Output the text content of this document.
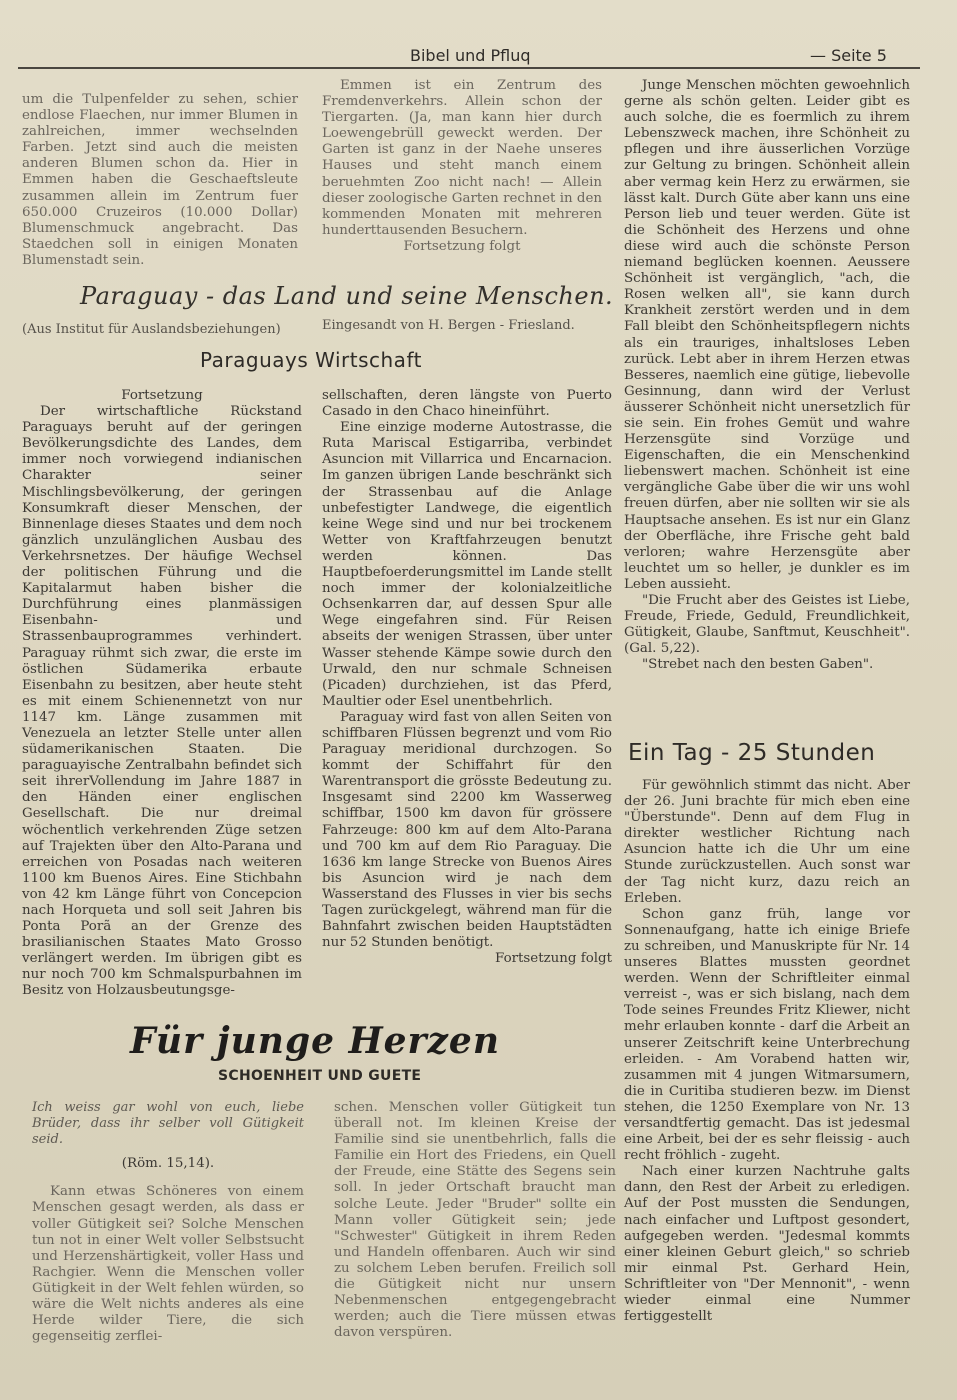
Bibel und Pfluq	— Seite 5

um die Tulpenfelder zu sehen, schier endlose Flaechen, nur immer Blumen in zahlreichen, immer wechselnden Farben. Jetzt sind auch die meisten anderen Blumen schon da. Hier in Emmen haben die Geschaeftsleute zusammen allein im Zentrum fuer 650.000 Cruzeiros (10.000 Dollar) Blumenschmuck angebracht. Das Staedchen soll in einigen Monaten Blumenstadt sein.

Emmen ist ein Zentrum des Fremdenverkehrs. Allein schon der Tiergarten. (Ja, man kann hier durch Loewengebrüll geweckt werden. Der Garten ist ganz in der Naehe unseres Hauses und steht manch einem beruehmten Zoo nicht nach! — Allein dieser zoologische Garten rechnet in den kommenden Monaten mit mehreren hunderttausenden Besuchern.

Fortsetzung folgt

Paraguay - das Land und seine Menschen.
(Aus Institut für Auslandsbeziehungen)	Eingesandt von H. Bergen - Friesland.
Paraguays Wirtschaft

Fortsetzung

Der wirtschaftliche Rückstand Paraguays beruht auf der geringen Bevölkerungsdichte des Landes, dem immer noch vorwiegend indianischen Charakter seiner Mischlingsbevölkerung, der geringen Konsumkraft dieser Menschen, der Binnenlage dieses Staates und dem noch gänzlich unzulänglichen Ausbau des Verkehrsnetzes. Der häufige Wechsel der politischen Führung und die Kapitalarmut haben bisher die Durchführung eines planmässigen Eisenbahn- und Strassenbauprogrammes verhindert. Paraguay rühmt sich zwar, die erste im östlichen Südamerika erbaute Eisenbahn zu besitzen, aber heute steht es mit einem Schienennetzt von nur 1147 km. Länge zusammen mit Venezuela an letzter Stelle unter allen südamerikanischen Staaten. Die paraguayische Zentralbahn befindet sich seit ihrerVollendung im Jahre 1887 in den Händen einer englischen Gesellschaft. Die nur dreimal wöchentlich verkehrenden Züge setzen auf Trajekten über den Alto-Parana und erreichen von Posadas nach weiteren 1100 km Buenos Aires. Eine Stichbahn von 42 km Länge führt von Concepcion nach Horqueta und soll seit Jahren bis Ponta Porã an der Grenze des brasilianischen Staates Mato Grosso verlängert werden. Im übrigen gibt es nur noch 700 km Schmalspurbahnen im Besitz von Holzausbeutungsge-

sellschaften, deren längste von Puerto Casado in den Chaco hineinführt.

Eine einzige moderne Autostrasse, die Ruta Mariscal Estigarriba, verbindet Asuncion mit Villarrica und Encarnacion. Im ganzen übrigen Lande beschränkt sich der Strassenbau auf die Anlage unbefestigter Landwege, die eigentlich keine Wege sind und nur bei trockenem Wetter von Kraftfahrzeugen benutzt werden können. Das Hauptbefoerderungsmittel im Lande stellt noch immer der kolonialzeitliche Ochsenkarren dar, auf dessen Spur alle Wege eingefahren sind. Für Reisen abseits der wenigen Strassen, über unter Wasser stehende Kämpe sowie durch den Urwald, den nur schmale Schneisen (Picaden) durchziehen, ist das Pferd, Maultier oder Esel unentbehrlich.

Paraguay wird fast von allen Seiten von schiffbaren Flüssen begrenzt und vom Rio Paraguay meridional durchzogen. So kommt der Schiffahrt für den Warentransport die grösste Bedeutung zu. Insgesamt sind 2200 km Wasserweg schiffbar, 1500 km davon für grössere Fahrzeuge: 800 km auf dem Alto-Parana und 700 km auf dem Rio Paraguay. Die 1636 km lange Strecke von Buenos Aires bis Asuncion wird je nach dem Wasserstand des Flusses in vier bis sechs Tagen zurückgelegt, während man für die Bahnfahrt zwischen beiden Hauptstädten nur 52 Stunden benötigt.

Fortsetzung folgt

Junge Menschen möchten gewoehnlich gerne als schön gelten. Leider gibt es auch solche, die es foermlich zu ihrem Lebenszweck machen, ihre Schönheit zu pflegen und ihre äusserlichen Vorzüge zur Geltung zu bringen. Schönheit allein aber vermag kein Herz zu erwärmen, sie lässt kalt. Durch Güte aber kann uns eine Person lieb und teuer werden. Güte ist die Schönheit des Herzens und ohne diese wird auch die schönste Person niemand beglücken koennen. Aeussere Schönheit ist vergänglich, "ach, die Rosen welken all", sie kann durch Krankheit zerstört werden und in dem Fall bleibt den Schönheitspflegern nichts als ein trauriges, inhaltsloses Leben zurück. Lebt aber in ihrem Herzen etwas Besseres, naemlich eine gütige, liebevolle Gesinnung, dann wird der Verlust äusserer Schönheit nicht unersetzlich für sie sein. Ein frohes Gemüt und wahre Herzensgüte sind Vorzüge und Eigenschaften, die ein Menschenkind liebenswert machen. Schönheit ist eine vergängliche Gabe über die wir uns wohl freuen dürfen, aber nie sollten wir sie als Hauptsache ansehen. Es ist nur ein Glanz der Oberfläche, ihre Frische geht bald verloren; wahre Herzensgüte aber leuchtet um so heller, je dunkler es im Leben aussieht.

"Die Frucht aber des Geistes ist Liebe, Freude, Friede, Geduld, Freundlichkeit, Gütigkeit, Glaube, Sanftmut, Keuschheit". (Gal. 5,22).

"Strebet nach den besten Gaben".

Ein Tag - 25 Stunden

Für gewöhnlich stimmt das nicht. Aber der 26. Juni brachte für mich eben eine "Überstunde". Denn auf dem Flug in direkter westlicher Richtung nach Asuncion hatte ich die Uhr um eine Stunde zurückzustellen. Auch sonst war der Tag nicht kurz, dazu reich an Erleben.

Schon ganz früh, lange vor Sonnenaufgang, hatte ich einige Briefe zu schreiben, und Manuskripte für Nr. 14 unseres Blattes mussten geordnet werden. Wenn der Schriftleiter einmal verreist -, was er sich bislang, nach dem Tode seines Freundes Fritz Kliewer, nicht mehr erlauben konnte - darf die Arbeit an unserer Zeitschrift keine Unterbrechung erleiden. - Am Vorabend hatten wir, zusammen mit 4 jungen Witmarsumern, die in Curitiba studieren bezw. im Dienst stehen, die 1250 Exemplare von Nr. 13 versandtfertig gemacht. Das ist jedesmal eine Arbeit, bei der es sehr fleissig - auch recht fröhlich - zugeht.

Nach einer kurzen Nachtruhe galts dann, den Rest der Arbeit zu erledigen. Auf der Post mussten die Sendungen, nach einfacher und Luftpost gesondert, aufgegeben werden. "Jedesmal kommts einer kleinen Geburt gleich," so schrieb mir einmal Pst. Gerhard Hein, Schriftleiter von "Der Mennonit", - wenn wieder einmal eine Nummer fertiggestellt

Für junge Herzen
SCHOENHEIT UND GUETE

Ich weiss gar wohl von euch, liebe Brüder, dass ihr selber voll Gütigkeit seid.

(Röm. 15,14).

Kann etwas Schöneres von einem Menschen gesagt werden, als dass er voller Gütigkeit sei? Solche Menschen tun not in einer Welt voller Selbstsucht und Herzenshärtigkeit, voller Hass und Rachgier. Wenn die Menschen voller Gütigkeit in der Welt fehlen würden, so wäre die Welt nichts anderes als eine Herde wilder Tiere, die sich gegenseitig zerflei-

schen. Menschen voller Gütigkeit tun überall not. Im kleinen Kreise der Familie sind sie unentbehrlich, falls die Familie ein Hort des Friedens, ein Quell der Freude, eine Stätte des Segens sein soll. In jeder Ortschaft braucht man solche Leute. Jeder "Bruder" sollte ein Mann voller Gütigkeit sein; jede "Schwester" Gütigkeit in ihrem Reden und Handeln offenbaren. Auch wir sind zu solchem Leben berufen. Freilich soll die Gütigkeit nicht nur unsern Nebenmenschen entgegengebracht werden; auch die Tiere müssen etwas davon verspüren.
